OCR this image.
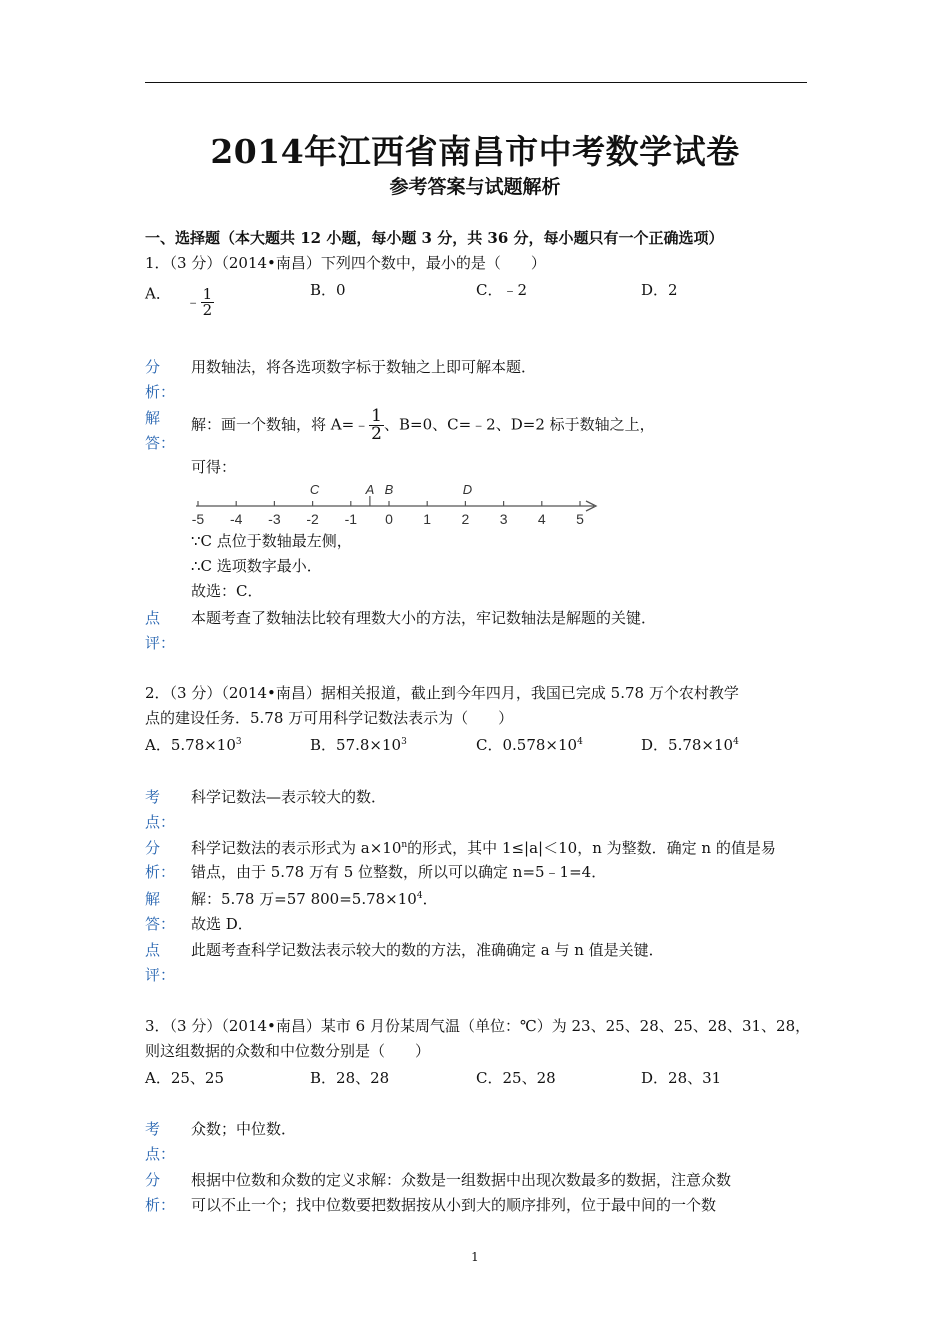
2014年江西省南昌市中考数学试卷
参考答案与试题解析
一、选择题（本大题共 12 小题，每小题 3 分，共 36 分，每小题只有一个正确选项）
1．（3 分）（2014•南昌）下列四个数中，最小的是（　　）
A． ﹣ $\frac{1}{2}$	B．0	C．﹣2	D．2
分
析：
用数轴法，将各选项数字标于数轴之上即可解本题．
解
答：
解：画一个数轴，将 A=﹣ $\frac{1}{2}$ 、B=0、C=﹣2、D=2 标于数轴之上，
可得：
-5 -4 -3 -2 -1 0 1 2 3 4 5
C	A B	D
∵C 点位于数轴最左侧，
∴C 选项数字最小．
故选：C．
点
评：
本题考查了数轴法比较有理数大小的方法，牢记数轴法是解题的关键．
2．（3 分）（2014•南昌）据相关报道，截止到今年四月，我国已完成 5.78 万个农村教学
点的建设任务．5.78 万可用科学记数法表示为（　　）
A．$5.78\times 10^3$	B．$57.8\times 10^3$	C．$0.578\times 10^4$	D．$5.78\times 10^4$
考
点：
科学记数法—表示较大的数．
分
析：
科学记数法的表示形式为 $a\times 10^n$的形式，其中 1≤|a|＜10，n 为整数．确定 n 的值是易
错点，由于 5.78 万有 5 位整数，所以可以确定 n=5﹣1=4．
解
答：
解：5.78 万=57 $800=5.78\times 10^4$．
故选 D．
点
评：
此题考查科学记数法表示较大的数的方法，准确确定 a 与 n 值是关键．
3．（3 分）（2014•南昌）某市 6 月份某周气温（单位：℃）为 23、25、28、25、28、31、28，
则这组数据的众数和中位数分别是（　　）
A．25、25	B．28、28	C．25、28	D．28、31
考
点：
众数；中位数．
分
析：
根据中位数和众数的定义求解：众数是一组数据中出现次数最多的数据，注意众数
可以不止一个；找中位数要把数据按从小到大的顺序排列，位于最中间的一个数
1
